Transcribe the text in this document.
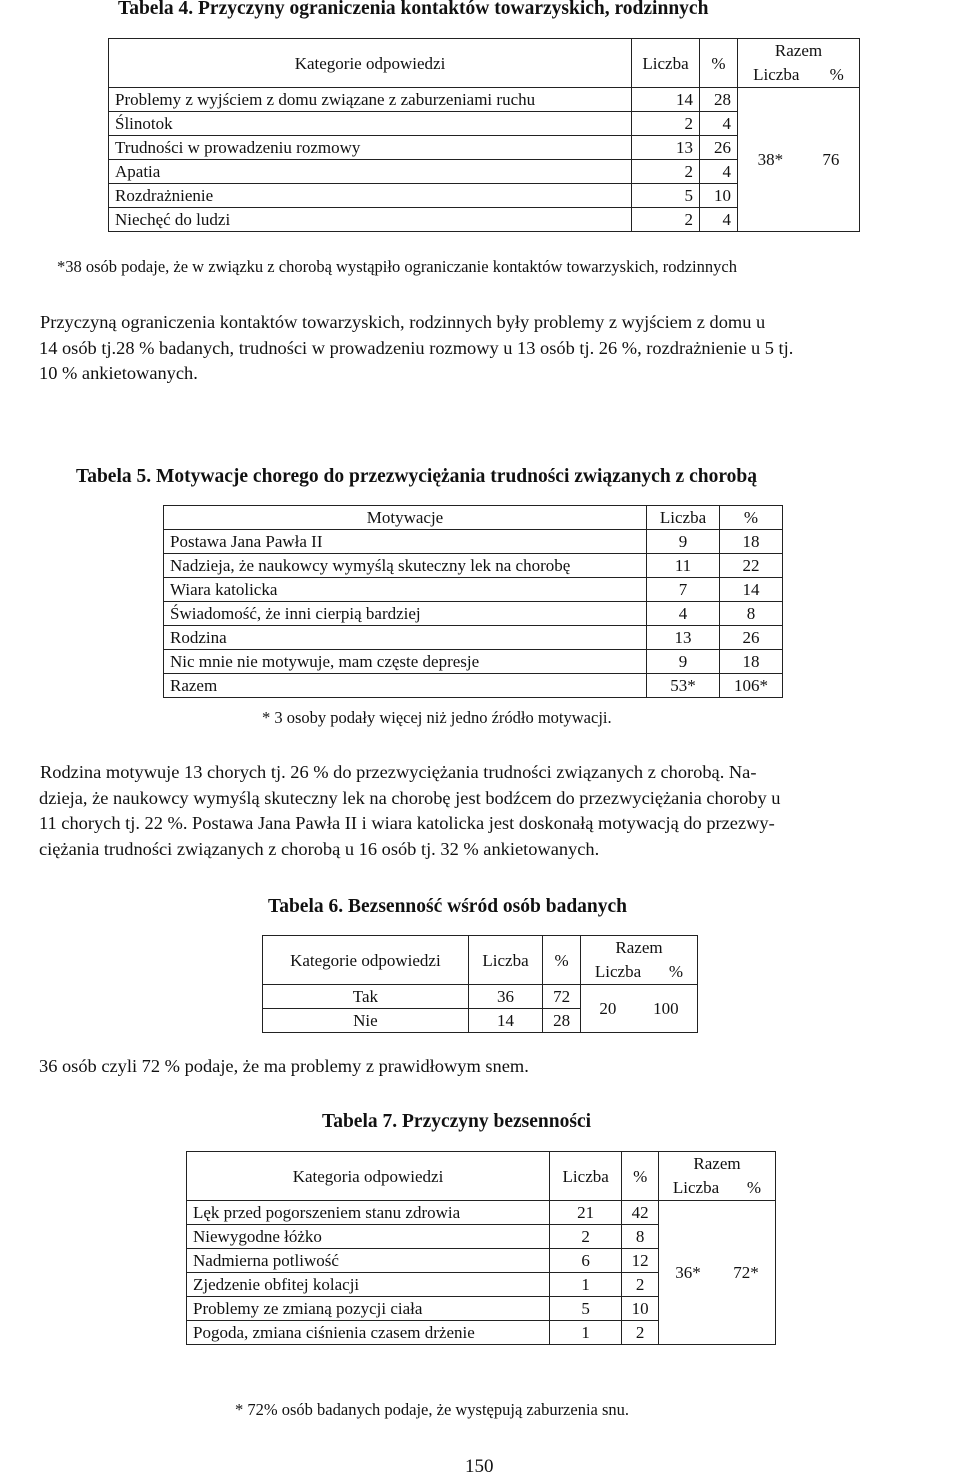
Tabela 4. Przyczyny ograniczenia kontaktów towarzyskich, rodzinnych
Kategorie odpowiedzi	Liczba	%	Razem
Liczba %

Problemy z wyjściem z domu związane z zaburzeniami ruchu	14	28	38* 76

Ślinotok	2	4	
Trudności w prowadzeniu rozmowy	13	26	
Apatia	2	4	
Rozdrażnienie	5	10	
Niechęć do ludzi	2	4	
*38 osób podaje, że w związku z chorobą wystąpiło ograniczanie kontaktów towarzyskich, rodzinnych
Przyczyną ograniczenia kontaktów towarzyskich, rodzinnych były problemy z wyjściem z domu u
14 osób tj.28 % badanych, trudności w prowadzeniu rozmowy u 13 osób tj. 26 %, rozdrażnienie u 5 tj.
10 % ankietowanych.
Tabela 5. Motywacje chorego do przezwyciężania trudności związanych z chorobą
Motywacje	Liczba	%
Postawa Jana Pawła II	9	18
Nadzieja, że naukowcy wymyślą skuteczny lek na chorobę	11	22
Wiara katolicka	7	14
Świadomość, że inni cierpią bardziej	4	8
Rodzina	13	26
Nic mnie nie motywuje, mam częste depresje	9	18
Razem	53*	106*
* 3 osoby podały więcej niż jedno źródło motywacji.
Rodzina motywuje 13 chorych tj. 26 % do przezwyciężania trudności związanych z chorobą. Na-
dzieja, że naukowcy wymyślą skuteczny lek na chorobę jest bodźcem do przezwyciężania choroby u
11 chorych tj. 22 %. Postawa Jana Pawła II i wiara katolicka jest doskonałą motywacją do przezwy-
ciężania trudności związanych z chorobą u 16 osób tj. 32 % ankietowanych.
Tabela 6. Bezsenność wśród osób badanych
Kategorie odpowiedzi	Liczba	%	Razem
Liczba %

Tak	36	72	20 100

Nie	14	28	
36 osób czyli 72 % podaje, że ma problemy z prawidłowym snem.
Tabela 7. Przyczyny bezsenności
Kategoria odpowiedzi	Liczba	%	Razem
Liczba %

Lęk przed pogorszeniem stanu zdrowia	21	42	36* 72*

Niewygodne łóżko	2	8	
Nadmierna potliwość	6	12	
Zjedzenie obfitej kolacji	1	2	
Problemy ze zmianą pozycji ciała	5	10	
Pogoda, zmiana ciśnienia czasem drżenie	1	2	
* 72% osób badanych podaje, że występują zaburzenia snu.
150
